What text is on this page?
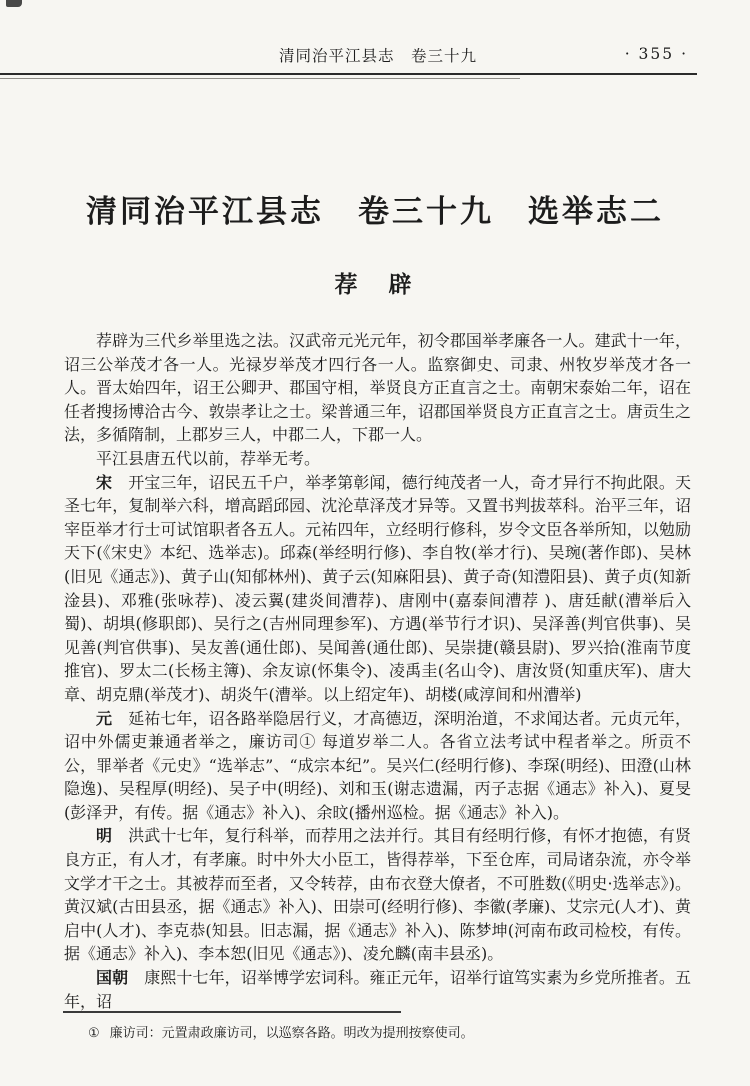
清同治平江县志　卷三十九	· 355 ·
清同治平江县志　卷三十九　选举志二
荐　辟

荐辟为三代乡举里选之法。汉武帝元光元年，初令郡国举孝廉各一人。建武十一年，诏三公举茂才各一人。光禄岁举茂才四行各一人。监察御史、司隶、州牧岁举茂才各一人。晋太始四年，诏王公卿尹、郡国守相，举贤良方正直言之士。南朝宋泰始二年，诏在任者搜扬博洽古今、敦崇孝让之士。梁普通三年，诏郡国举贤良方正直言之士。唐贡生之法，多循隋制，上郡岁三人，中郡二人，下郡一人。

平江县唐五代以前，荐举无考。

宋　 开宝三年，诏民五千户，举孝第彰闻，德行纯茂者一人，奇才异行不拘此限。天圣七年，复制举六科，增高蹈邱园、沈沦草泽茂才异等。又置书判拔萃科。治平三年，诏宰臣举才行士可试馆职者各五人。元祐四年，立经明行修科，岁令文臣各举所知，以勉励天下(《宋史》本纪、选举志)。邱森(举经明行修)、李自牧(举才行)、吴琬(著作郎)、吴林(旧见《通志》)、黄子山(知郁林州)、黄子云(知麻阳县)、黄子奇(知澧阳县)、黄子贞(知新淦县)、邓雅(张咏荐)、凌云翼(建炎间漕荐)、唐刚中(嘉泰间漕荐 )、唐廷献(漕举后入蜀)、胡埧(修职郎)、吴行之(吉州同理参军)、方遇(举节行才识)、吴泽善(判官供事)、吴见善(判官供事)、吴友善(通仕郎)、吴闻善(通仕郎)、吴崇捷(赣县尉)、罗兴拾(淮南节度推官)、罗太二(长杨主簿)、余友谅(怀集令)、凌禹圭(名山令)、唐汝贤(知重庆军)、唐大章、胡克鼎(举茂才)、胡炎午(漕举。以上绍定年)、胡楼(咸淳间和州漕举)

元　 延祐七年，诏各路举隐居行义，才高德迈，深明治道，不求闻达者。元贞元年，诏中外儒吏兼通者举之，廉访司① 每道岁举二人。各省立法考试中程者举之。所贡不公，罪举者《元史》“选举志”、“成宗本纪”。吴兴仁(经明行修)、李琛(明经)、田澄(山林隐逸)、吴程厚(明经)、吴子中(明经)、刘和玉(谢志遗漏，丙子志据《通志》补入)、夏旻(彭泽尹，有传。据《通志》补入)、余旼(播州巡检。据《通志》补入)。

明　 洪武十七年，复行科举，而荐用之法并行。其目有经明行修，有怀才抱德，有贤良方正，有人才，有孝廉。时中外大小臣工，皆得荐举，下至仓库，司局诸杂流，亦令举文学才干之士。其被荐而至者，又令转荐，由布衣登大僚者，不可胜数(《明史·选举志》)。黄汉斌(古田县丞，据《通志》补入)、田崇可(经明行修)、李徽(孝廉)、艾宗元(人才)、黄启中(人才)、李克恭(知县。旧志漏，据《通志》补入)、陈梦坤(河南布政司检校，有传。据《通志》补入)、李本恕(旧见《通志》)、凌允麟(南丰县丞)。

国朝　 康熙十七年，诏举博学宏词科。雍正元年，诏举行谊笃实素为乡党所推者。五年，诏

① 廉访司：元置肃政廉访司，以巡察各路。明改为提刑按察使司。
